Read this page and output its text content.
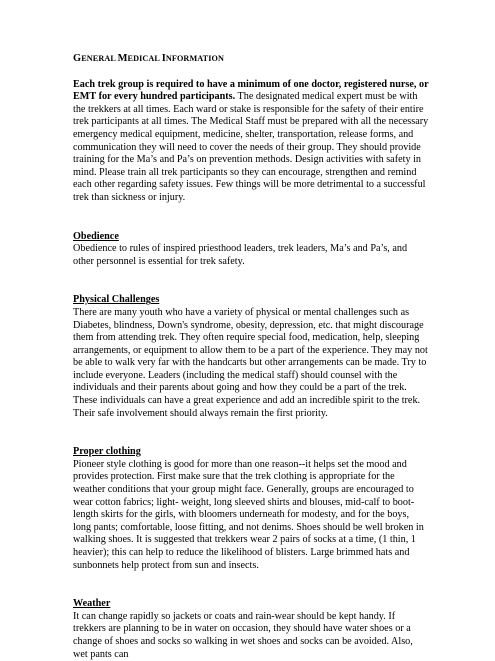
GENERAL MEDICAL INFORMATION

Each trek group is required to have a minimum of one doctor, registered nurse, or EMT for every hundred participants. The designated medical expert must be with the trekkers at all times. Each ward or stake is responsible for the safety of their entire trek participants at all times. The Medical Staff must be prepared with all the necessary emergency medical equipment, medicine, shelter, transportation, release forms, and communication they will need to cover the needs of their group. They should provide training for the Ma’s and Pa’s on prevention methods. Design activities with safety in mind. Please train all trek participants so they can encourage, strengthen and remind each other regarding safety issues. Few things will be more detrimental to a successful trek than sickness or injury.

Obedience

Obedience to rules of inspired priesthood leaders, trek leaders, Ma’s and Pa’s, and other personnel is essential for trek safety.

Physical Challenges

There are many youth who have a variety of physical or mental challenges such as Diabetes, blindness, Down's syndrome, obesity, depression, etc. that might discourage them from attending trek. They often require special food, medication, help, sleeping arrangements, or equipment to allow them to be a part of the experience. They may not be able to walk very far with the handcarts but other arrangements can be made. Try to include everyone. Leaders (including the medical staff) should counsel with the individuals and their parents about going and how they could be a part of the trek. These individuals can have a great experience and add an incredible spirit to the trek. Their safe involvement should always remain the first priority.

Proper clothing

Pioneer style clothing is good for more than one reason--it helps set the mood and provides protection. First make sure that the trek clothing is appropriate for the weather conditions that your group might face. Generally, groups are encouraged to wear cotton fabrics; light- weight, long sleeved shirts and blouses, mid-calf to boot-length skirts for the girls, with bloomers underneath for modesty, and for the boys, long pants; comfortable, loose fitting, and not denims. Shoes should be well broken in walking shoes. It is suggested that trekkers wear 2 pairs of socks at a time, (1 thin, 1 heavier); this can help to reduce the likelihood of blisters. Large brimmed hats and sunbonnets help protect from sun and insects.

Weather

It can change rapidly so jackets or coats and rain-wear should be kept handy. If trekkers are planning to be in water on occasion, they should have water shoes or a change of shoes and socks so walking in wet shoes and socks can be avoided. Also, wet pants can
